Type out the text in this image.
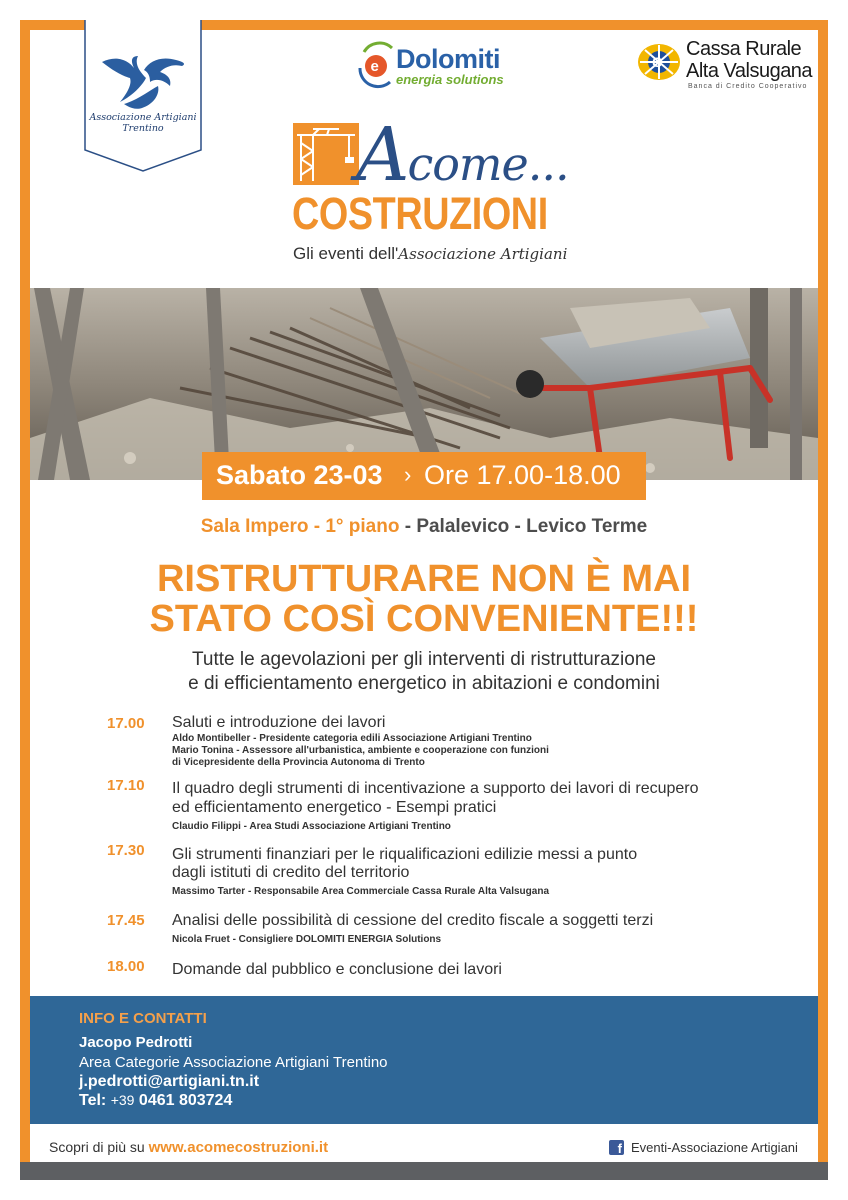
Associazione Artigiani Trentino
e Dolomiti
energia solutions
C
Cassa Rurale
Alta Valsugana
Banca di Credito Cooperativo
Acome...
COSTRUZIONI
Gli eventi dell'Associazione Artigiani
Sabato 23-03 › Ore 17.00-18.00
Sala Impero - 1° piano - Palalevico - Levico Terme
RISTRUTTURARE NON È MAI
STATO COSÌ CONVENIENTE!!!
Tutte le agevolazioni per gli interventi di ristrutturazione
e di efficientamento energetico in abitazioni e condomini
17.00 Saluti e introduzione dei lavori
Aldo Montibeller - Presidente categoria edili Associazione Artigiani Trentino
Mario Tonina - Assessore all'urbanistica, ambiente e cooperazione con funzioni
di Vicepresidente della Provincia Autonoma di Trento
17.10 Il quadro degli strumenti di incentivazione a supporto dei lavori di recupero
ed efficientamento energetico - Esempi pratici
Claudio Filippi - Area Studi Associazione Artigiani Trentino
17.30 Gli strumenti finanziari per le riqualificazioni edilizie messi a punto
dagli istituti di credito del territorio
Massimo Tarter - Responsabile Area Commerciale Cassa Rurale Alta Valsugana
17.45 Analisi delle possibilità di cessione del credito fiscale a soggetti terzi
Nicola Fruet - Consigliere DOLOMITI ENERGIA Solutions
18.00 Domande dal pubblico e conclusione dei lavori
INFO E CONTATTI
Jacopo Pedrotti
Area Categorie Associazione Artigiani Trentino
j.pedrotti@artigiani.tn.it
Tel: +39 0461 803724
Scopri di più su www.acomecostruzioni.it	f Eventi-Associazione Artigiani
